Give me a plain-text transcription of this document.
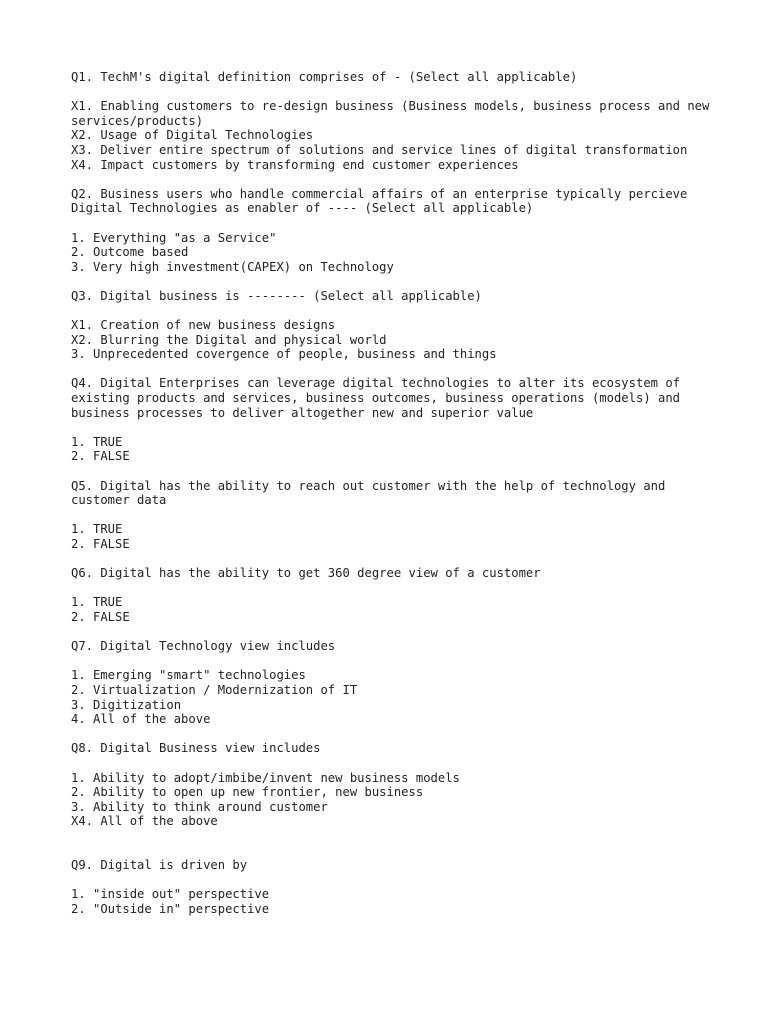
Q1. TechM's digital definition comprises of - (Select all applicable)
X1. Enabling customers to re-design business (Business models, business process and new services/products)
X2. Usage of Digital Technologies
X3. Deliver entire spectrum of solutions and service lines of digital transformation
X4. Impact customers by transforming end customer experiences
Q2. Business users who handle commercial affairs of an enterprise typically percieve Digital Technologies as enabler of ---- (Select all applicable)
1. Everything "as a Service"
2. Outcome based
3. Very high investment(CAPEX) on Technology
Q3. Digital business is -------- (Select all applicable)
X1. Creation of new business designs
X2. Blurring the Digital and physical world
3. Unprecedented covergence of people, business and things
Q4. Digital Enterprises can leverage digital technologies to alter its ecosystem of existing products and services, business outcomes, business operations (models) and business processes to deliver altogether new and superior value
1. TRUE
2. FALSE
Q5. Digital has the ability to reach out customer with the help of technology and customer data
1. TRUE
2. FALSE
Q6. Digital has the ability to get 360 degree view of a customer
1. TRUE
2. FALSE
Q7. Digital Technology view includes
1. Emerging "smart" technologies
2. Virtualization / Modernization of IT
3. Digitization
4. All of the above
Q8. Digital Business view includes
1. Ability to adopt/imbibe/invent new business models
2. Ability to open up new frontier, new business
3. Ability to think around customer
X4. All of the above
Q9. Digital is driven by
1. "inside out" perspective
2. "Outside in" perspective
